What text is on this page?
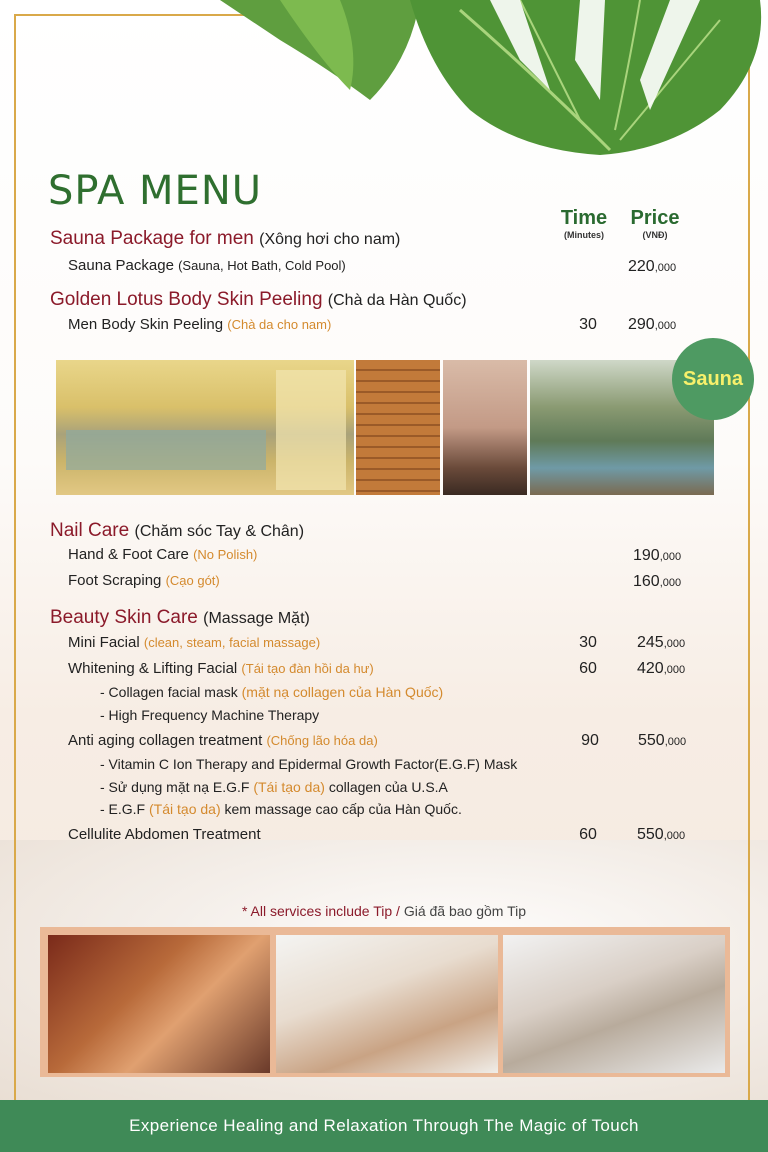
SPA MENU
Time
(Minutes)
Price
(VNĐ)
Sauna Package for men (Xông hơi cho nam)
Sauna Package (Sauna, Hot Bath, Cold Pool)	220,000
Golden Lotus Body Skin Peeling (Chà da Hàn Quốc)
Men Body Skin Peeling (Chà da cho nam)	30	290,000
Sauna
Nail Care (Chăm sóc Tay & Chân)
Hand & Foot Care (No Polish)	190,000
Foot Scraping (Cạo gót)	160,000
Beauty Skin Care (Massage Mặt)
Mini Facial (clean, steam, facial massage)	30	245,000
Whitening & Lifting Facial (Tái tạo đàn hồi da hư)	60	420,000
- Collagen facial mask (mặt nạ collagen của Hàn Quốc)
- High Frequency Machine Therapy
Anti aging collagen treatment (Chống lão hóa da)	90	550,000
- Vitamin C Ion Therapy and Epidermal Growth Factor(E.G.F) Mask
- Sử dụng mặt nạ E.G.F (Tái tạo da) collagen của U.S.A
- E.G.F (Tái tạo da) kem massage cao cấp của Hàn Quốc.
Cellulite Abdomen Treatment	60	550,000
* All services include Tip / Giá đã bao gồm Tip
Experience Healing and Relaxation Through The Magic of Touch
